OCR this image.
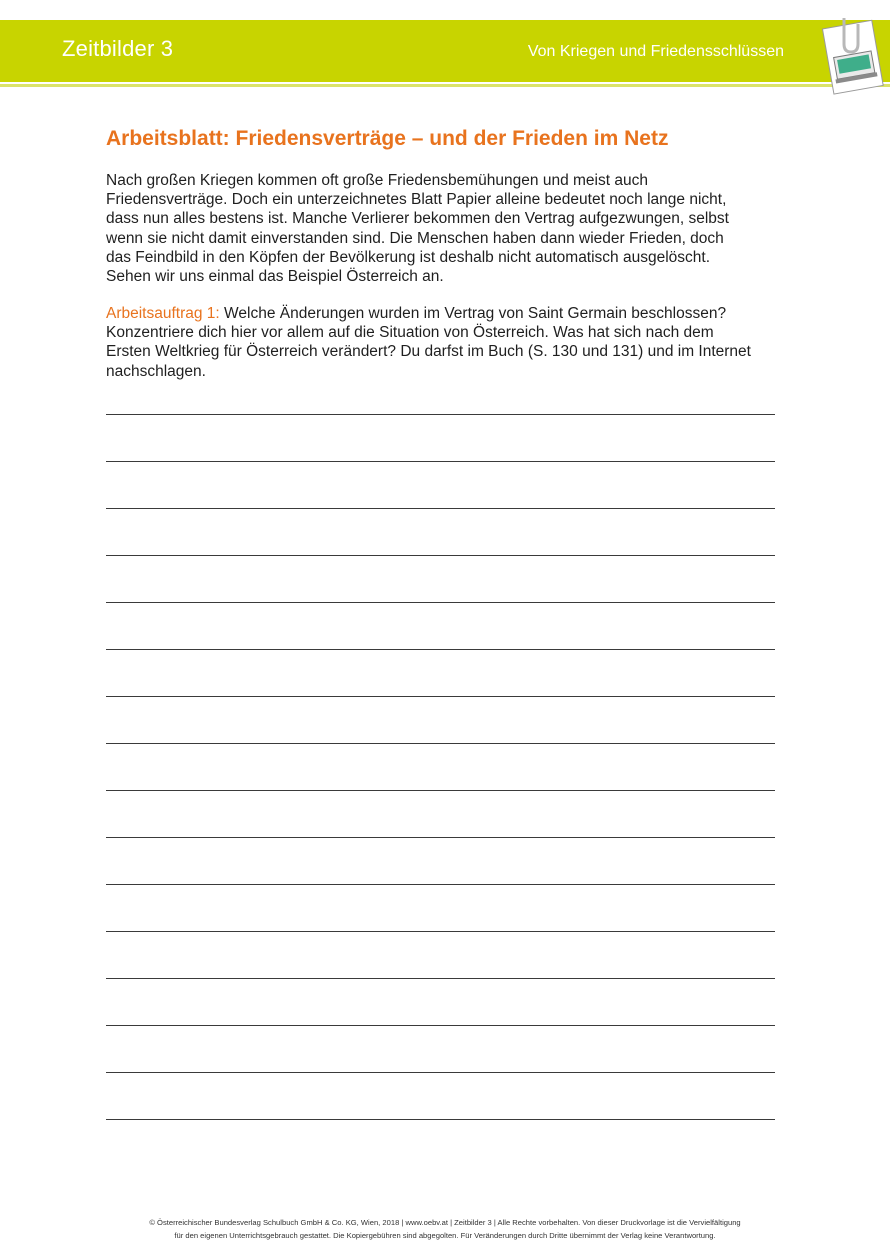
Zeitbilder 3	Von Kriegen und Friedensschlüssen
Arbeitsblatt: Friedensverträge – und der Frieden im Netz
Nach großen Kriegen kommen oft große Friedensbemühungen und meist auch
Friedensverträge. Doch ein unterzeichnetes Blatt Papier alleine bedeutet noch lange nicht,
dass nun alles bestens ist. Manche Verlierer bekommen den Vertrag aufgezwungen, selbst
wenn sie nicht damit einverstanden sind. Die Menschen haben dann wieder Frieden, doch
das Feindbild in den Köpfen der Bevölkerung ist deshalb nicht automatisch ausgelöscht.
Sehen wir uns einmal das Beispiel Österreich an.
Arbeitsauftrag 1: Welche Änderungen wurden im Vertrag von Saint Germain beschlossen?
Konzentriere dich hier vor allem auf die Situation von Österreich. Was hat sich nach dem
Ersten Weltkrieg für Österreich verändert? Du darfst im Buch (S. 130 und 131) und im Internet
nachschlagen.
© Österreichischer Bundesverlag Schulbuch GmbH & Co. KG, Wien, 2018 | www.oebv.at | Zeitbilder 3 | Alle Rechte vorbehalten. Von dieser Druckvorlage ist die Vervielfältigung
für den eigenen Unterrichtsgebrauch gestattet. Die Kopiergebühren sind abgegolten. Für Veränderungen durch Dritte übernimmt der Verlag keine Verantwortung.
